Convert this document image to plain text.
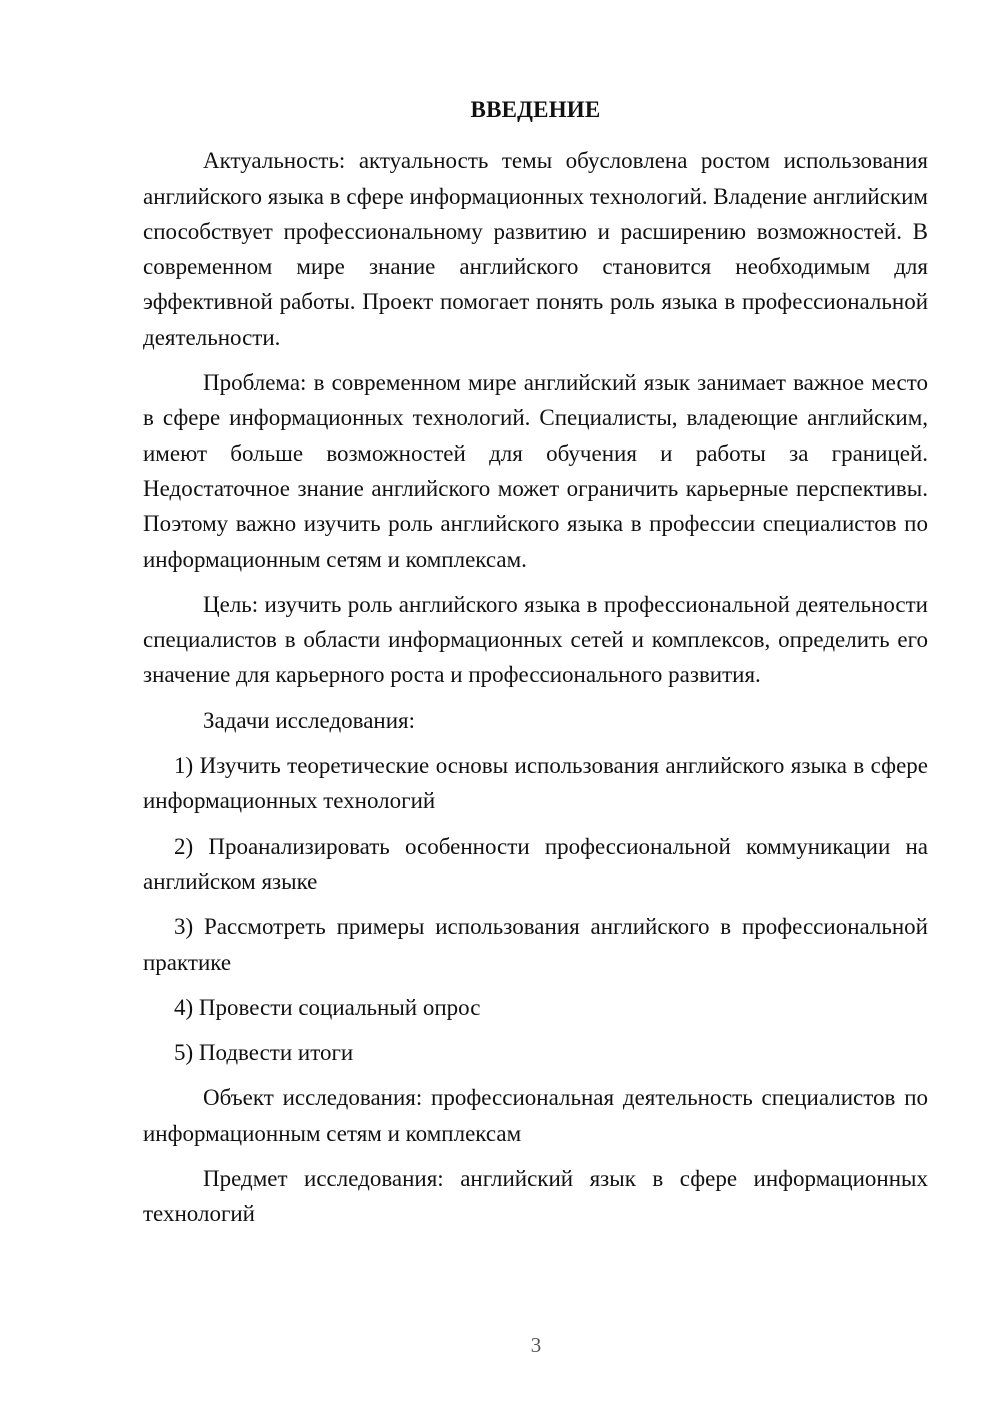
ВВЕДЕНИЕ

Актуальность: актуальность темы обусловлена ростом использования английского языка в сфере информационных технологий. Владение английским способствует профессиональному развитию и расширению возможностей. В современном мире знание английского становится необходимым для эффективной работы. Проект помогает понять роль языка в профессиональной деятельности.

Проблема: в современном мире английский язык занимает важное место в сфере информационных технологий. Специалисты, владеющие английским, имеют больше возможностей для обучения и работы за границей. Недостаточное знание английского может ограничить карьерные перспективы. Поэтому важно изучить роль английского языка в профессии специалистов по информационным сетям и комплексам.

Цель: изучить роль английского языка в профессиональной деятельности специалистов в области информационных сетей и комплексов, определить его значение для карьерного роста и профессионального развития.

Задачи исследования:

1) Изучить теоретические основы использования английского языка в сфере информационных технологий

2) Проанализировать особенности профессиональной коммуникации на английском языке

3) Рассмотреть примеры использования английского в профессиональной практике

4) Провести социальный опрос

5) Подвести итоги

Объект исследования: профессиональная деятельность специалистов по информационным сетям и комплексам

Предмет исследования: английский язык в сфере информационных технологий

3
